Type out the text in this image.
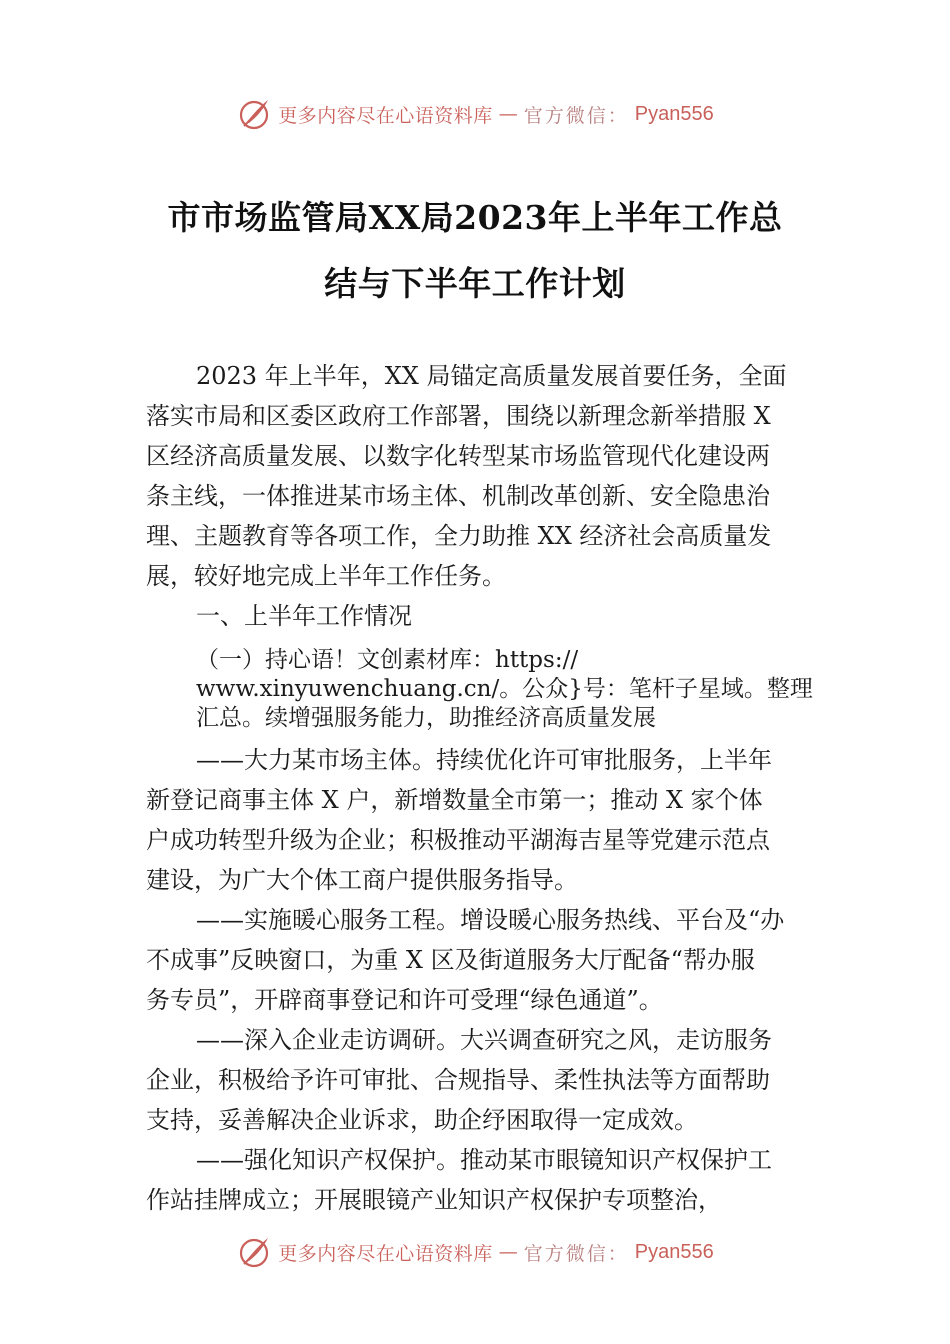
更多内容尽在心语资料库 — 官方微信： Pyan556
市市场监管局XX局2023年上半年工作总
结与下半年工作计划
2023 年上半年，XX 局锚定高质量发展首要任务，全面
落实市局和区委区政府工作部署，围绕以新理念新举措服 X
区经济高质量发展、以数字化转型某市场监管现代化建设两
条主线，一体推进某市场主体、机制改革创新、安全隐患治
理、主题教育等各项工作，全力助推 XX 经济社会高质量发
展，较好地完成上半年工作任务。
一、上半年工作情况
（一）持心语！文创素材库：https://
www.xinyuwenchuang.cn/。公众}号：笔杆子星域。整理
汇总。续增强服务能力，助推经济高质量发展
——大力某市场主体。持续优化许可审批服务，上半年
新登记商事主体 X 户，新增数量全市第一；推动 X 家个体
户成功转型升级为企业；积极推动平湖海吉星等党建示范点
建设，为广大个体工商户提供服务指导。
——实施暖心服务工程。增设暖心服务热线、平台及“办
不成事”反映窗口，为重 X 区及街道服务大厅配备“帮办服
务专员”，开辟商事登记和许可受理“绿色通道”。
——深入企业走访调研。大兴调查研究之风，走访服务
企业，积极给予许可审批、合规指导、柔性执法等方面帮助
支持，妥善解决企业诉求，助企纾困取得一定成效。
——强化知识产权保护。推动某市眼镜知识产权保护工
作站挂牌成立；开展眼镜产业知识产权保护专项整治，
更多内容尽在心语资料库 — 官方微信： Pyan556
